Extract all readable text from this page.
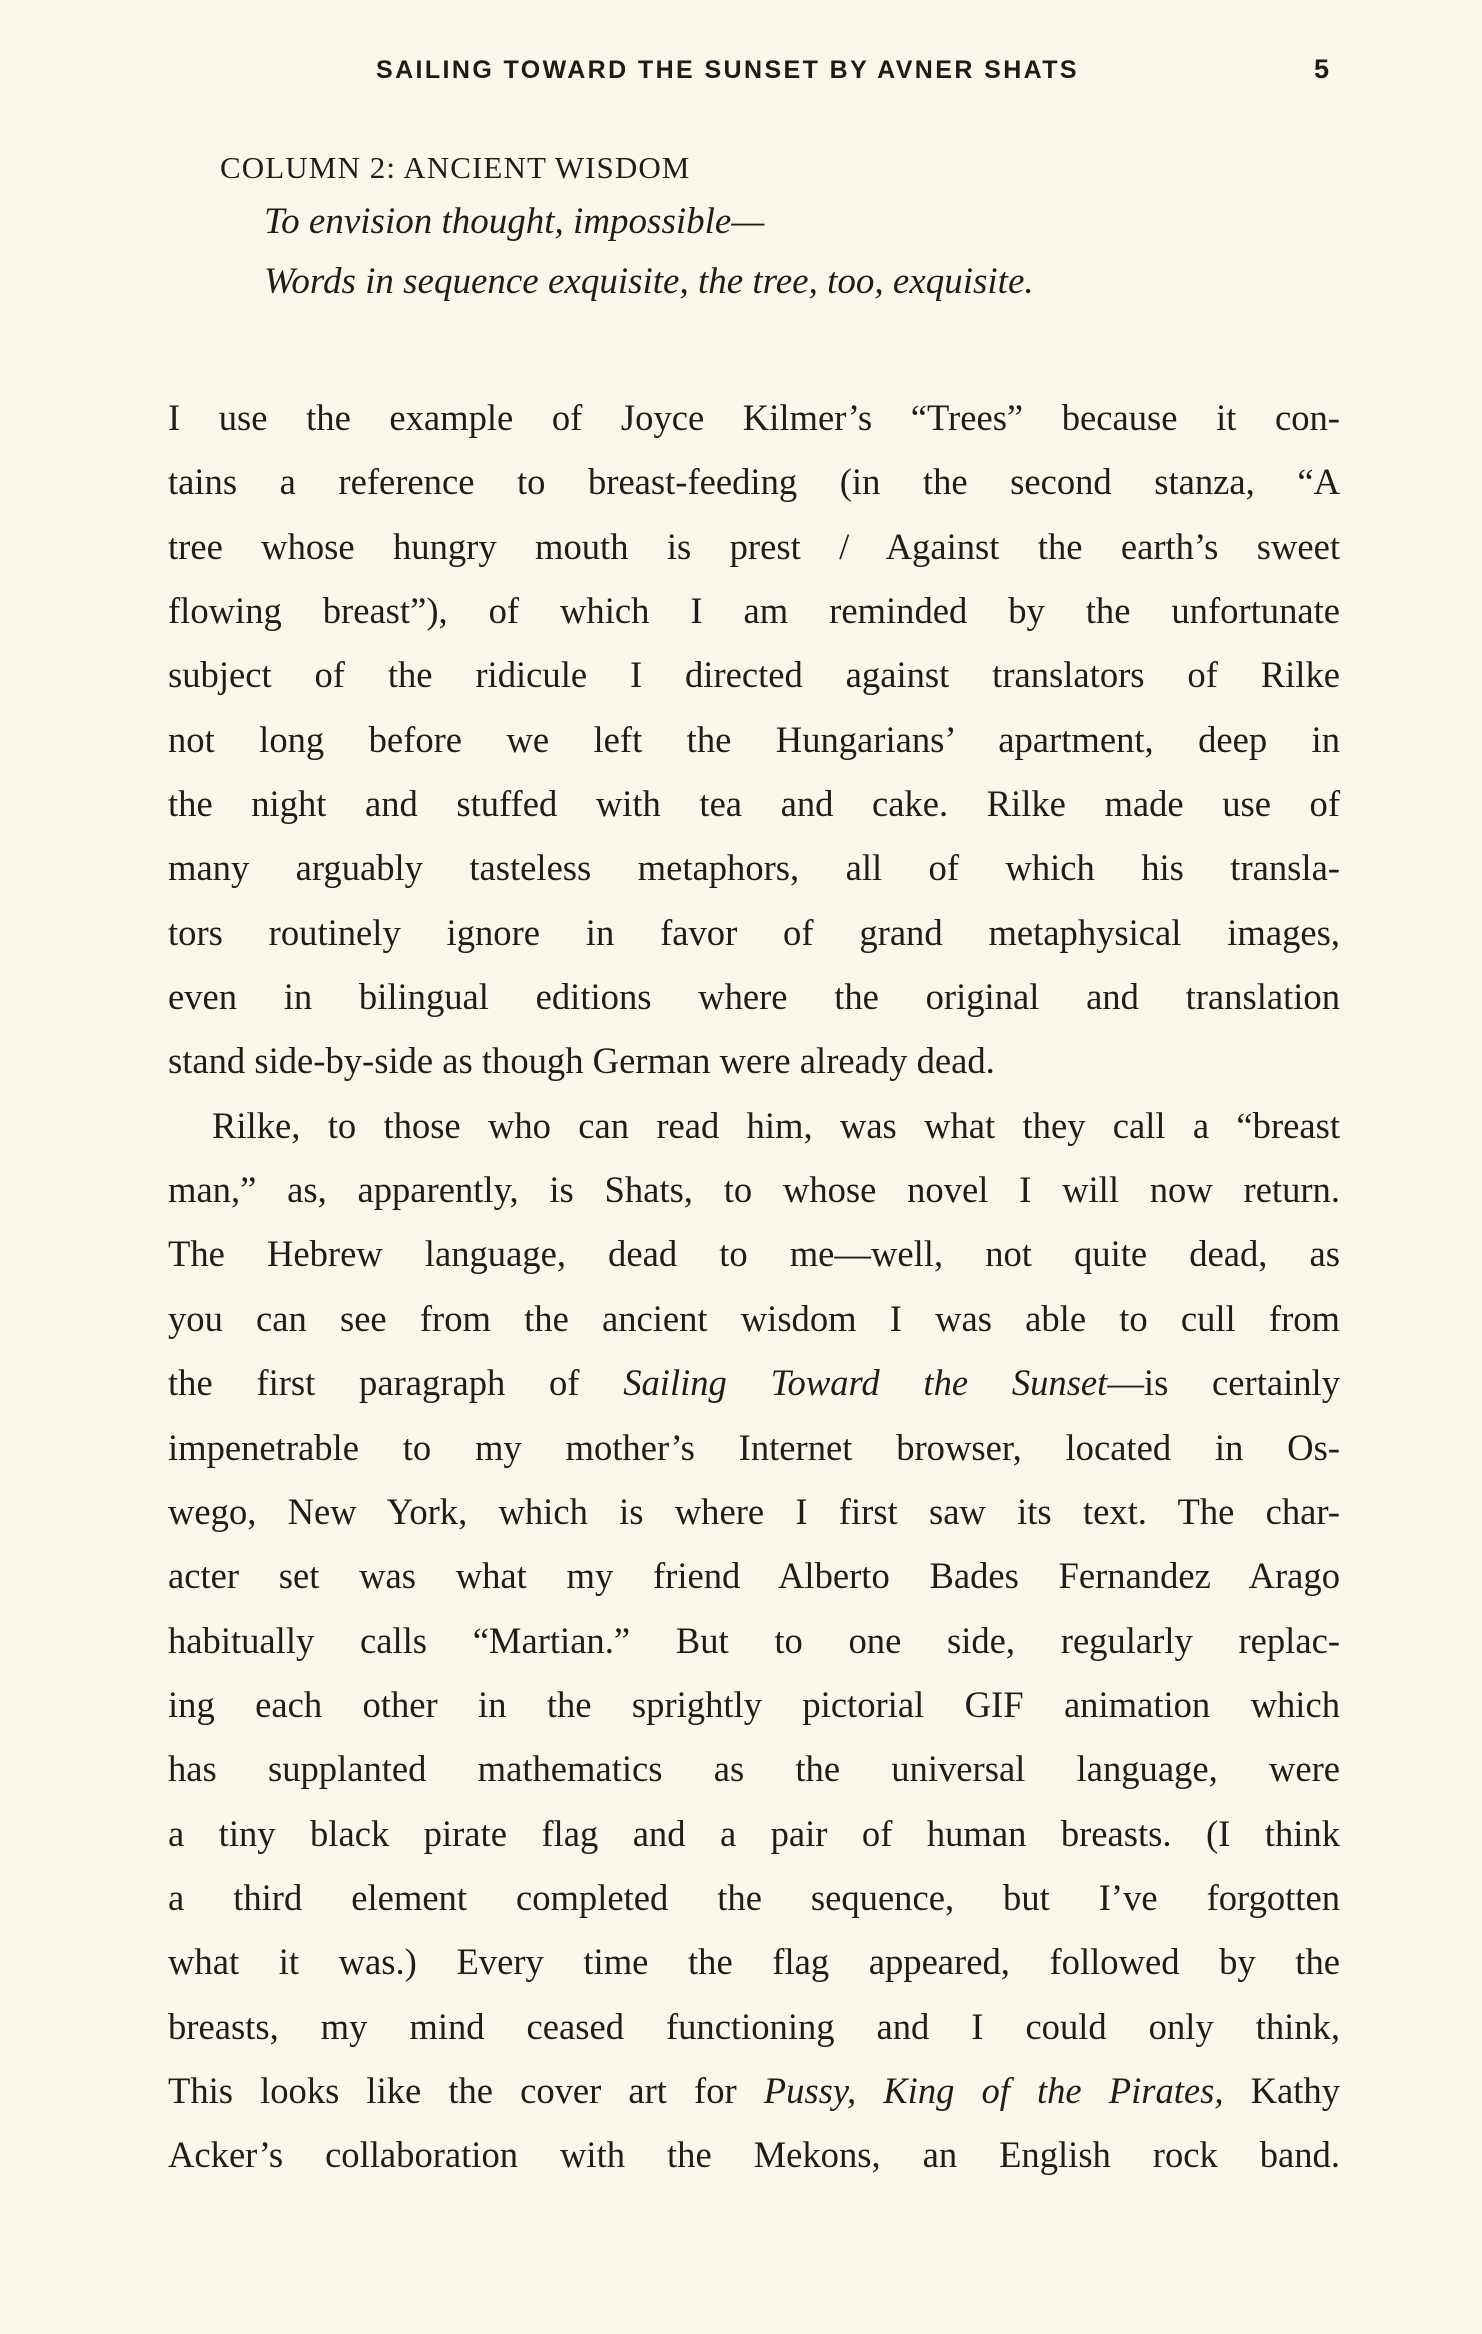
SAILING TOWARD THE SUNSET BY AVNER SHATS	5
COLUMN 2: ANCIENT WISDOM
To envision thought, impossible—
Words in sequence exquisite, the tree, too, exquisite.
I use the example of Joyce Kilmer’s “Trees” because it con-
tains a reference to breast-feeding (in the second stanza, “A
tree whose hungry mouth is prest / Against the earth’s sweet
flowing breast”), of which I am reminded by the unfortunate
subject of the ridicule I directed against translators of Rilke
not long before we left the Hungarians’ apartment, deep in
the night and stuffed with tea and cake. Rilke made use of
many arguably tasteless metaphors, all of which his transla-
tors routinely ignore in favor of grand metaphysical images,
even in bilingual editions where the original and translation
stand side-by-side as though German were already dead.
Rilke, to those who can read him, was what they call a “breast
man,” as, apparently, is Shats, to whose novel I will now return.
The Hebrew language, dead to me—well, not quite dead, as
you can see from the ancient wisdom I was able to cull from
the first paragraph of Sailing Toward the Sunset—is certainly
impenetrable to my mother’s Internet browser, located in Os-
wego, New York, which is where I first saw its text. The char-
acter set was what my friend Alberto Bades Fernandez Arago
habitually calls “Martian.” But to one side, regularly replac-
ing each other in the sprightly pictorial GIF animation which
has supplanted mathematics as the universal language, were
a tiny black pirate flag and a pair of human breasts. (I think
a third element completed the sequence, but I’ve forgotten
what it was.) Every time the flag appeared, followed by the
breasts, my mind ceased functioning and I could only think,
This looks like the cover art for Pussy, King of the Pirates, Kathy
Acker’s collaboration with the Mekons, an English rock band.
